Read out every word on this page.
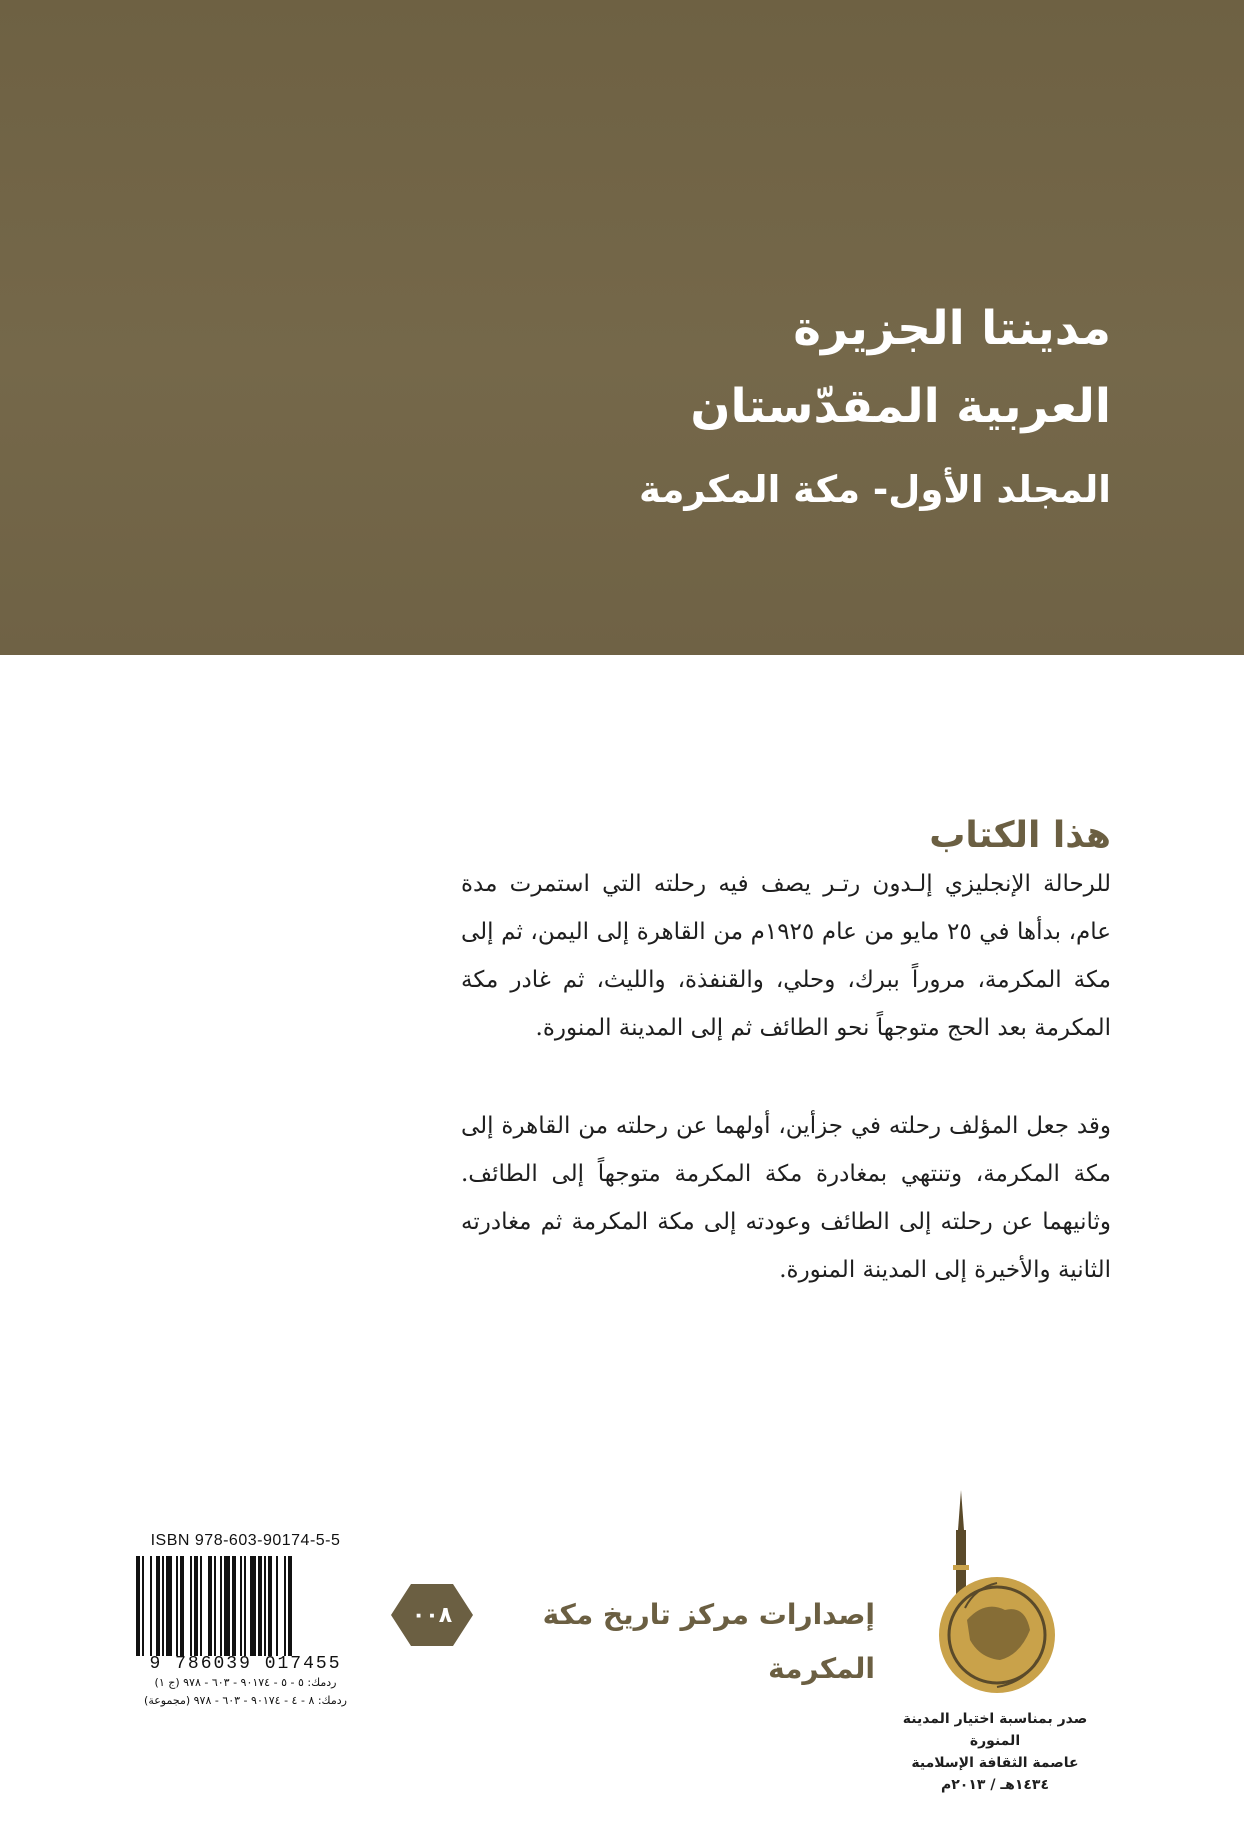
مدينتا الجزيرة
العربية المقدّستان
المجلد الأول- مكة المكرمة
هذا الكتاب

للرحالة الإنجليزي إلـدون رتـر يصف فيه رحلته التي استمرت مدة عام، بدأها في ٢٥ مايو من عام ١٩٢٥م من القاهرة إلى اليمن، ثم إلى مكة المكرمة، مروراً ببرك، وحلي، والقنفذة، والليث، ثم غادر مكة المكرمة بعد الحج متوجهاً نحو الطائف ثم إلى المدينة المنورة.

وقد جعل المؤلف رحلته في جزأين، أولهما عن رحلته من القاهرة إلى مكة المكرمة، وتنتهي بمغادرة مكة المكرمة متوجهاً إلى الطائف. وثانيهما عن رحلته إلى الطائف وعودته إلى مكة المكرمة ثم مغادرته الثانية والأخيرة إلى المدينة المنورة.

ISBN 978-603-90174-5-5
9 786039 017455
ردمك: ٥ - ٥ - ٩٠١٧٤ - ٦٠٣ - ٩٧٨ (ج ١)
ردمك: ٨ - ٤ - ٩٠١٧٤ - ٦٠٣ - ٩٧٨ (مجموعة)
٠٠٨	إصدارات مركز تاريخ مكة المكرمة
صدر بمناسبة اختيار المدينة المنورة
عاصمة الثقافة الإسلامية
١٤٣٤هـ / ٢٠١٣م
